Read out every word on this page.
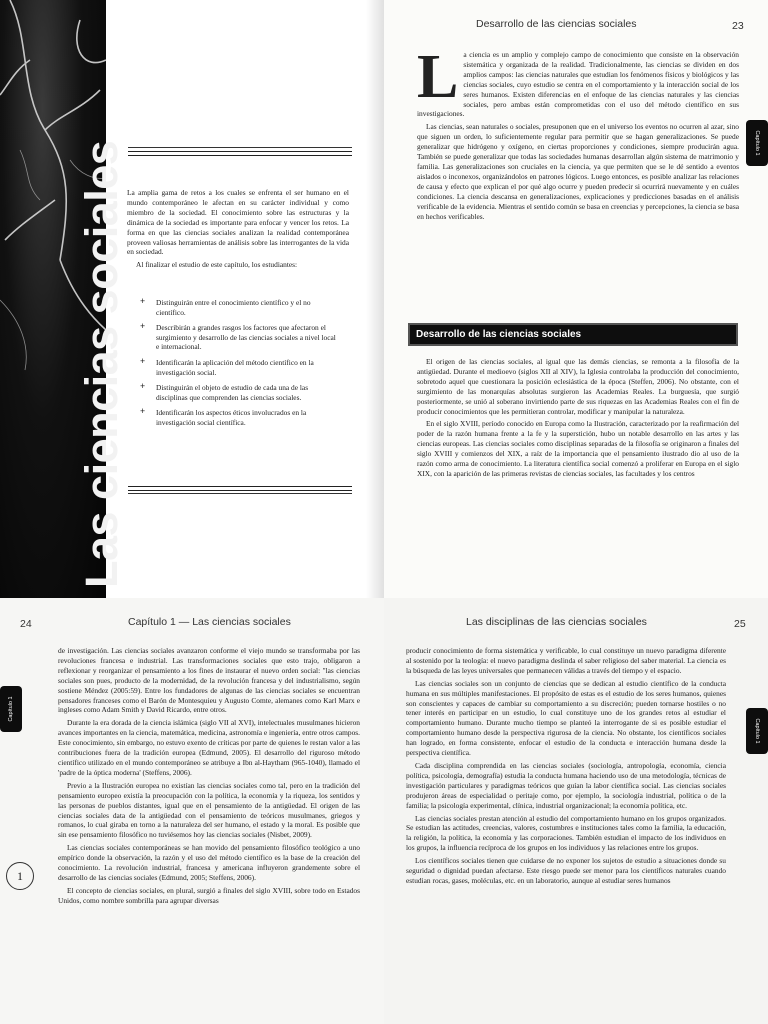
Las ciencias sociales La amplia gama de retos a los cuales se enfrenta el ser humano en el mundo contemporáneo le afectan en su carácter individual y como miembro de la sociedad. El conocimiento sobre las estructuras y la dinámica de la sociedad es importante para enfocar y vencer los retos. La forma en que las ciencias sociales analizan la realidad contemporánea proveen valiosas herramientas de análisis sobre las interrogantes de la vida en sociedad.

Al finalizar el estudio de este capítulo, los estudiantes:

+ Distinguirán entre el conocimiento científico y el no científico.
+ Describirán a grandes rasgos los factores que afectaron el surgimiento y desarrollo de las ciencias sociales a nivel local e internacional.
+ Identificarán la aplicación del método científico en la investigación social.
+ Distinguirán el objeto de estudio de cada una de las disciplinas que comprenden las ciencias sociales.
+ Identificarán los aspectos éticos involucrados en la investigación social científica.
Desarrollo de las ciencias sociales	23
Capítulo 1

La ciencia es un amplio y complejo campo de conocimiento que consiste en la observación sistemática y organizada de la realidad. Tradicionalmente, las ciencias se dividen en dos amplios campos: las ciencias naturales que estudian los fenómenos físicos y biológicos y las ciencias sociales, cuyo estudio se centra en el comportamiento y la interacción social de los seres humanos. Existen diferencias en el enfoque de las ciencias naturales y las ciencias sociales, pero ambas están comprometidas con el uso del método científico en sus investigaciones.

Las ciencias, sean naturales o sociales, presuponen que en el universo los eventos no ocurren al azar, sino que siguen un orden, lo suficientemente regular para permitir que se hagan generalizaciones. Se puede generalizar que hidrógeno y oxígeno, en ciertas proporciones y condiciones, siempre producirán agua. También se puede generalizar que todas las sociedades humanas desarrollan algún sistema de matrimonio y familia. Las generalizaciones son cruciales en la ciencia, ya que permiten que se le dé sentido a eventos aislados o inconexos, organizándolos en patrones lógicos. Luego entonces, es posible analizar las relaciones de causa y efecto que explican el por qué algo ocurre y pueden predecir si ocurrirá nuevamente y en cuáles condiciones. La ciencia descansa en generalizaciones, explicaciones y predicciones basadas en el análisis verificable de la evidencia. Mientras el sentido común se basa en creencias y percepciones, la ciencia se basa en hechos verificables.

Desarrollo de las ciencias sociales

El origen de las ciencias sociales, al igual que las demás ciencias, se remonta a la filosofía de la antigüedad. Durante el medioevo (siglos XII al XIV), la Iglesia controlaba la producción del conocimiento, sobretodo aquel que cuestionara la posición eclesiástica de la época (Steffen, 2006). No obstante, con el surgimiento de las monarquías absolutas surgieron las Academias Reales. La burguesía, que surgió posteriormente, se unió al soberano invirtiendo parte de sus riquezas en las Academias Reales con el fin de producir conocimientos que les permitieran controlar, modificar y manipular la naturaleza.

En el siglo XVIII, período conocido en Europa como la Ilustración, caracterizado por la reafirmación del poder de la razón humana frente a la fe y la superstición, hubo un notable desarrollo en las artes y las ciencias europeas. Las ciencias sociales como disciplinas separadas de la filosofía se originaron a finales del siglo XVIII y comienzos del XIX, a raíz de la importancia que el pensamiento ilustrado dio al uso de la razón como arma de conocimiento. La literatura científica social comenzó a proliferar en Europa en el siglo XIX, con la aparición de las primeras revistas de ciencias sociales, las facultades y los centros

24	Capítulo 1 — Las ciencias sociales
Capítulo 1
1

de investigación. Las ciencias sociales avanzaron conforme el viejo mundo se transformaba por las revoluciones francesa e industrial. Las transformaciones sociales que esto trajo, obligaron a reflexionar y reorganizar el pensamiento a los fines de instaurar el nuevo orden social: "las ciencias sociales son pues, producto de la modernidad, de la revolución francesa y del industrialismo, según sostiene Méndez (2005:59). Entre los fundadores de algunas de las ciencias sociales se encuentran pensadores franceses como el Barón de Montesquieu y Augusto Comte, alemanes como Karl Marx e ingleses como Adam Smith y David Ricardo, entre otros.

Durante la era dorada de la ciencia islámica (siglo VII al XVI), intelectuales musulmanes hicieron avances importantes en la ciencia, matemática, medicina, astronomía e ingeniería, entre otros campos. Este conocimiento, sin embargo, no estuvo exento de críticas por parte de quienes le restan valor a las contribuciones fuera de la tradición europea (Edmund, 2005). El desarrollo del riguroso método científico utilizado en el mundo contemporáneo se atribuye a Ibn al-Haytham (965-1040), llamado el 'padre de la óptica moderna' (Steffens, 2006).

Previo a la Ilustración europea no existían las ciencias sociales como tal, pero en la tradición del pensamiento europeo existía la preocupación con la política, la economía y la riqueza, los sentidos y las personas de pueblos distantes, igual que en el pensamiento de la antigüedad. El origen de las ciencias sociales data de la antigüedad con el pensamiento de teóricos musulmanes, griegos y romanos, lo cual giraba en torno a la naturaleza del ser humano, el estado y la moral. Es posible que sin ese pensamiento filosófico no tuviésemos hoy las ciencias sociales (Nisbet, 2009).

Las ciencias sociales contemporáneas se han movido del pensamiento filosófico teológico a uno empírico donde la observación, la razón y el uso del método científico es la base de la creación del conocimiento. La revolución industrial, francesa y americana influyeron grandemente sobre el desarrollo de las ciencias sociales (Edmund, 2005; Steffens, 2006).

El concepto de ciencias sociales, en plural, surgió a finales del siglo XVIII, sobre todo en Estados Unidos, como nombre sombrilla para agrupar diversas

Las disciplinas de las ciencias sociales	25
Capítulo 1

producir conocimiento de forma sistemática y verificable, lo cual constituye un nuevo paradigma diferente al sostenido por la teología: el nuevo paradigma deslinda el saber religioso del saber material. La ciencia es la búsqueda de las leyes universales que permanecen válidas a través del tiempo y el espacio.

Las ciencias sociales son un conjunto de ciencias que se dedican al estudio científico de la conducta humana en sus múltiples manifestaciones. El propósito de estas es el estudio de los seres humanos, quienes son conscientes y capaces de cambiar su comportamiento a su discreción; pueden tornarse hostiles o no tener interés en participar en un estudio, lo cual constituye uno de los grandes retos al estudiar el comportamiento humano. Durante mucho tiempo se planteó la interrogante de si es posible estudiar el comportamiento humano desde la perspectiva rigurosa de la ciencia. No obstante, los científicos sociales han logrado, en forma consistente, enfocar el estudio de la conducta e interacción humana desde la perspectiva científica.

Cada disciplina comprendida en las ciencias sociales (sociología, antropología, economía, ciencia política, psicología, demografía) estudia la conducta humana haciendo uso de una metodología, técnicas de investigación particulares y paradigmas teóricos que guían la labor científica social. Las ciencias sociales produjeron áreas de especialidad o peritaje como, por ejemplo, la sociología industrial, política o de la familia; la psicología experimental, clínica, industrial organizacional; la economía política, etc.

Las ciencias sociales prestan atención al estudio del comportamiento humano en los grupos organizados. Se estudian las actitudes, creencias, valores, costumbres e instituciones tales como la familia, la educación, la religión, la política, la economía y las corporaciones. También estudian el impacto de los individuos en los grupos, la influencia recíproca de los grupos en los individuos y las relaciones entre los grupos.

Los científicos sociales tienen que cuidarse de no exponer los sujetos de estudio a situaciones donde su seguridad o dignidad puedan afectarse. Este riesgo puede ser menor para los científicos naturales cuando estudian rocas, gases, moléculas, etc. en un laboratorio, aunque al estudiar seres humanos
